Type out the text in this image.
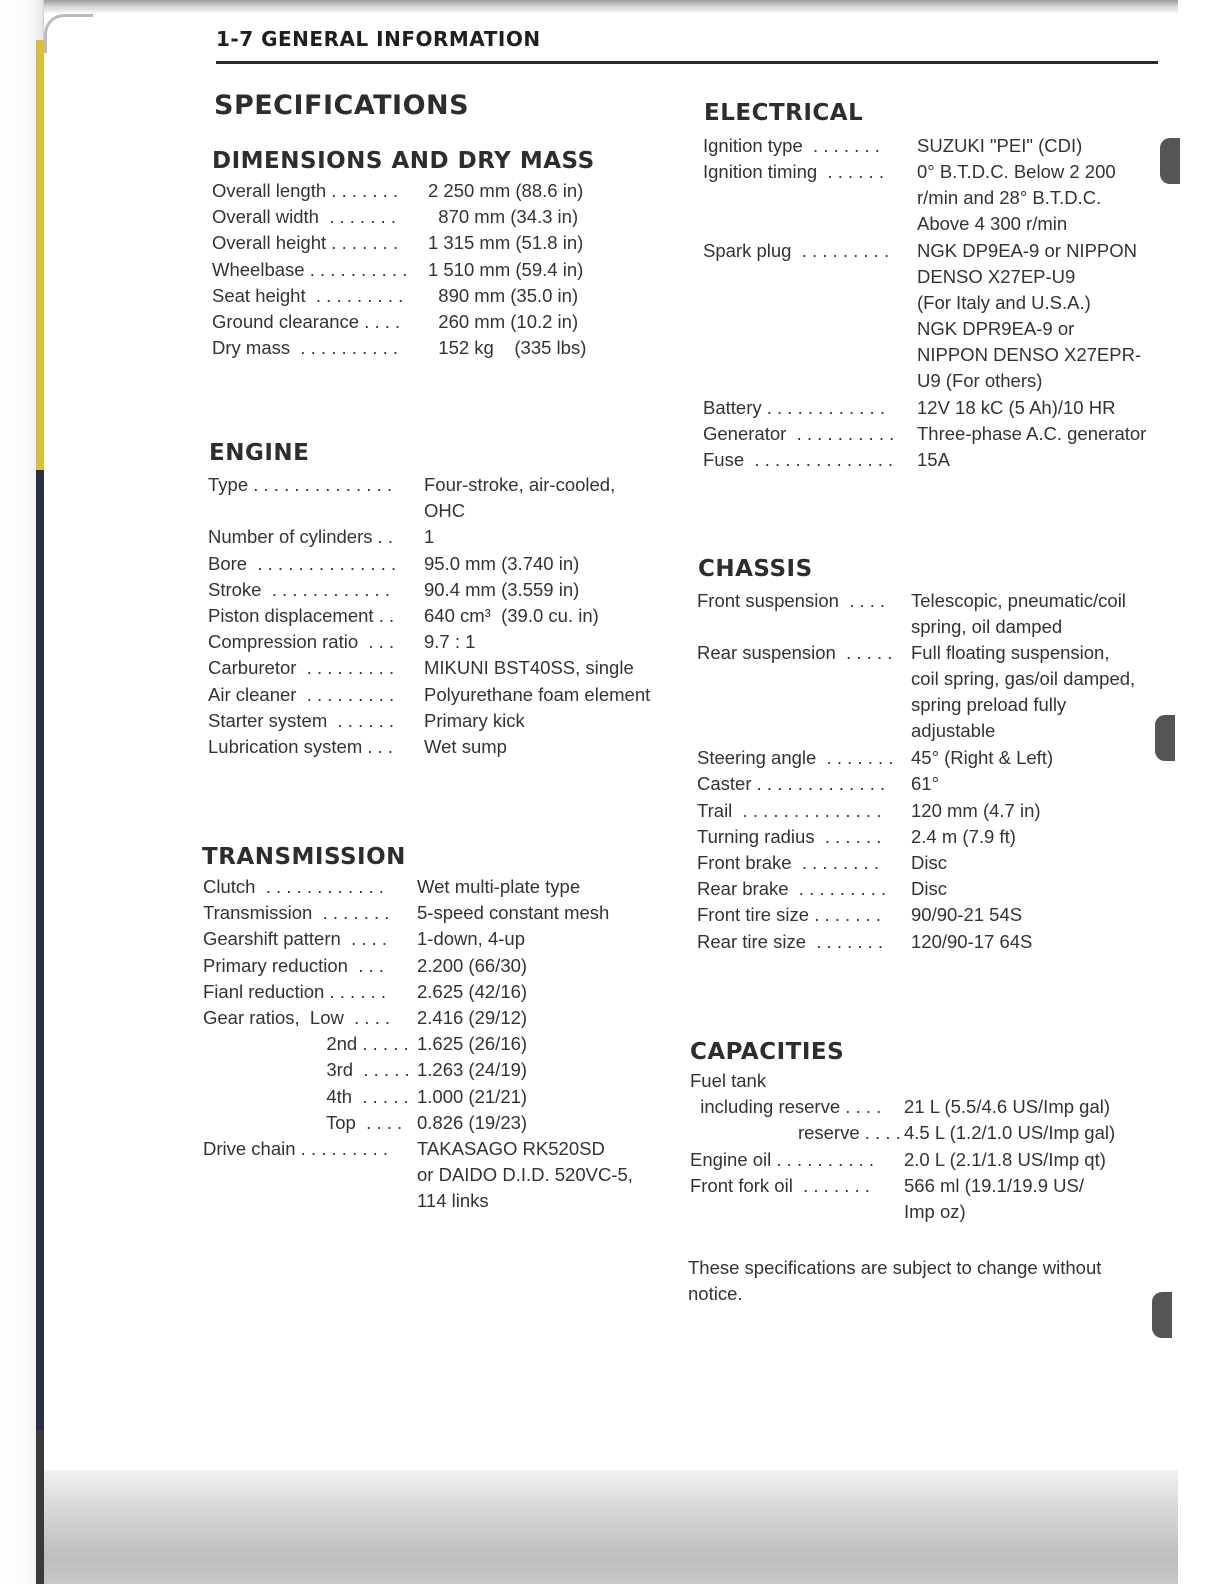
1-7 GENERAL INFORMATION
SPECIFICATIONS
DIMENSIONS AND DRY MASS
Overall length . . . . . . . 2 250 mm (88.6 in)
Overall width  . . . . . . . 870 mm (34.3 in)
Overall height . . . . . . . 1 315 mm (51.8 in)
Wheelbase . . . . . . . . . . 1 510 mm (59.4 in)
Seat height  . . . . . . . . . 890 mm (35.0 in)
Ground clearance . . . . 260 mm (10.2 in)
Dry mass  . . . . . . . . . . 152 kg    (335 lbs)
ENGINE
Type . . . . . . . . . . . . . . Four-stroke, air-cooled,
OHC
Number of cylinders . . 1
Bore  . . . . . . . . . . . . . . 95.0 mm (3.740 in)
Stroke  . . . . . . . . . . . . 90.4 mm (3.559 in)
Piston displacement . . 640 cm³  (39.0 cu. in)
Compression ratio  . . . 9.7 : 1
Carburetor  . . . . . . . . . MIKUNI BST40SS, single
Air cleaner  . . . . . . . . . Polyurethane foam element
Starter system  . . . . . . Primary kick
Lubrication system . . . Wet sump
TRANSMISSION
Clutch  . . . . . . . . . . . . Wet multi-plate type
Transmission  . . . . . . . 5-speed constant mesh
Gearshift pattern  . . . . 1-down, 4-up
Primary reduction  . . . 2.200 (66/30)
Fianl reduction . . . . . . 2.625 (42/16)
Gear ratios,  Low  . . . . 2.416 (29/12)
2nd . . . . . 1.625 (26/16)
3rd  . . . . . 1.263 (24/19)
4th  . . . . . 1.000 (21/21)
Top  . . . . 0.826 (19/23)
Drive chain . . . . . . . . . TAKASAGO RK520SD
or DAIDO D.I.D. 520VC-5,
114 links
ELECTRICAL
Ignition type  . . . . . . . SUZUKI "PEI" (CDI)
Ignition timing  . . . . . . 0° B.T.D.C. Below 2 200
r/min and 28° B.T.D.C.
Above 4 300 r/min
Spark plug  . . . . . . . . . NGK DP9EA-9 or NIPPON
DENSO X27EP-U9
(For Italy and U.S.A.)
NGK DPR9EA-9 or
NIPPON DENSO X27EPR-
U9 (For others)
Battery . . . . . . . . . . . . 12V 18 kC (5 Ah)/10 HR
Generator  . . . . . . . . . . Three-phase A.C. generator
Fuse  . . . . . . . . . . . . . . 15A
CHASSIS
Front suspension  . . . . Telescopic, pneumatic/coil
spring, oil damped
Rear suspension  . . . . . Full floating suspension,
coil spring, gas/oil damped,
spring preload fully
adjustable
Steering angle  . . . . . . . 45° (Right & Left)
Caster . . . . . . . . . . . . . 61°
Trail  . . . . . . . . . . . . . . 120 mm (4.7 in)
Turning radius  . . . . . . 2.4 m (7.9 ft)
Front brake  . . . . . . . . Disc
Rear brake  . . . . . . . . . Disc
Front tire size . . . . . . . 90/90-21 54S
Rear tire size  . . . . . . . 120/90-17 64S
CAPACITIES
Fuel tank
including reserve . . . . 21 L (5.5/4.6 US/Imp gal)
reserve . . . . 4.5 L (1.2/1.0 US/Imp gal)
Engine oil . . . . . . . . . . 2.0 L (2.1/1.8 US/Imp qt)
Front fork oil  . . . . . . . 566 ml (19.1/19.9 US/
Imp oz)
These specifications are subject to change without notice.
